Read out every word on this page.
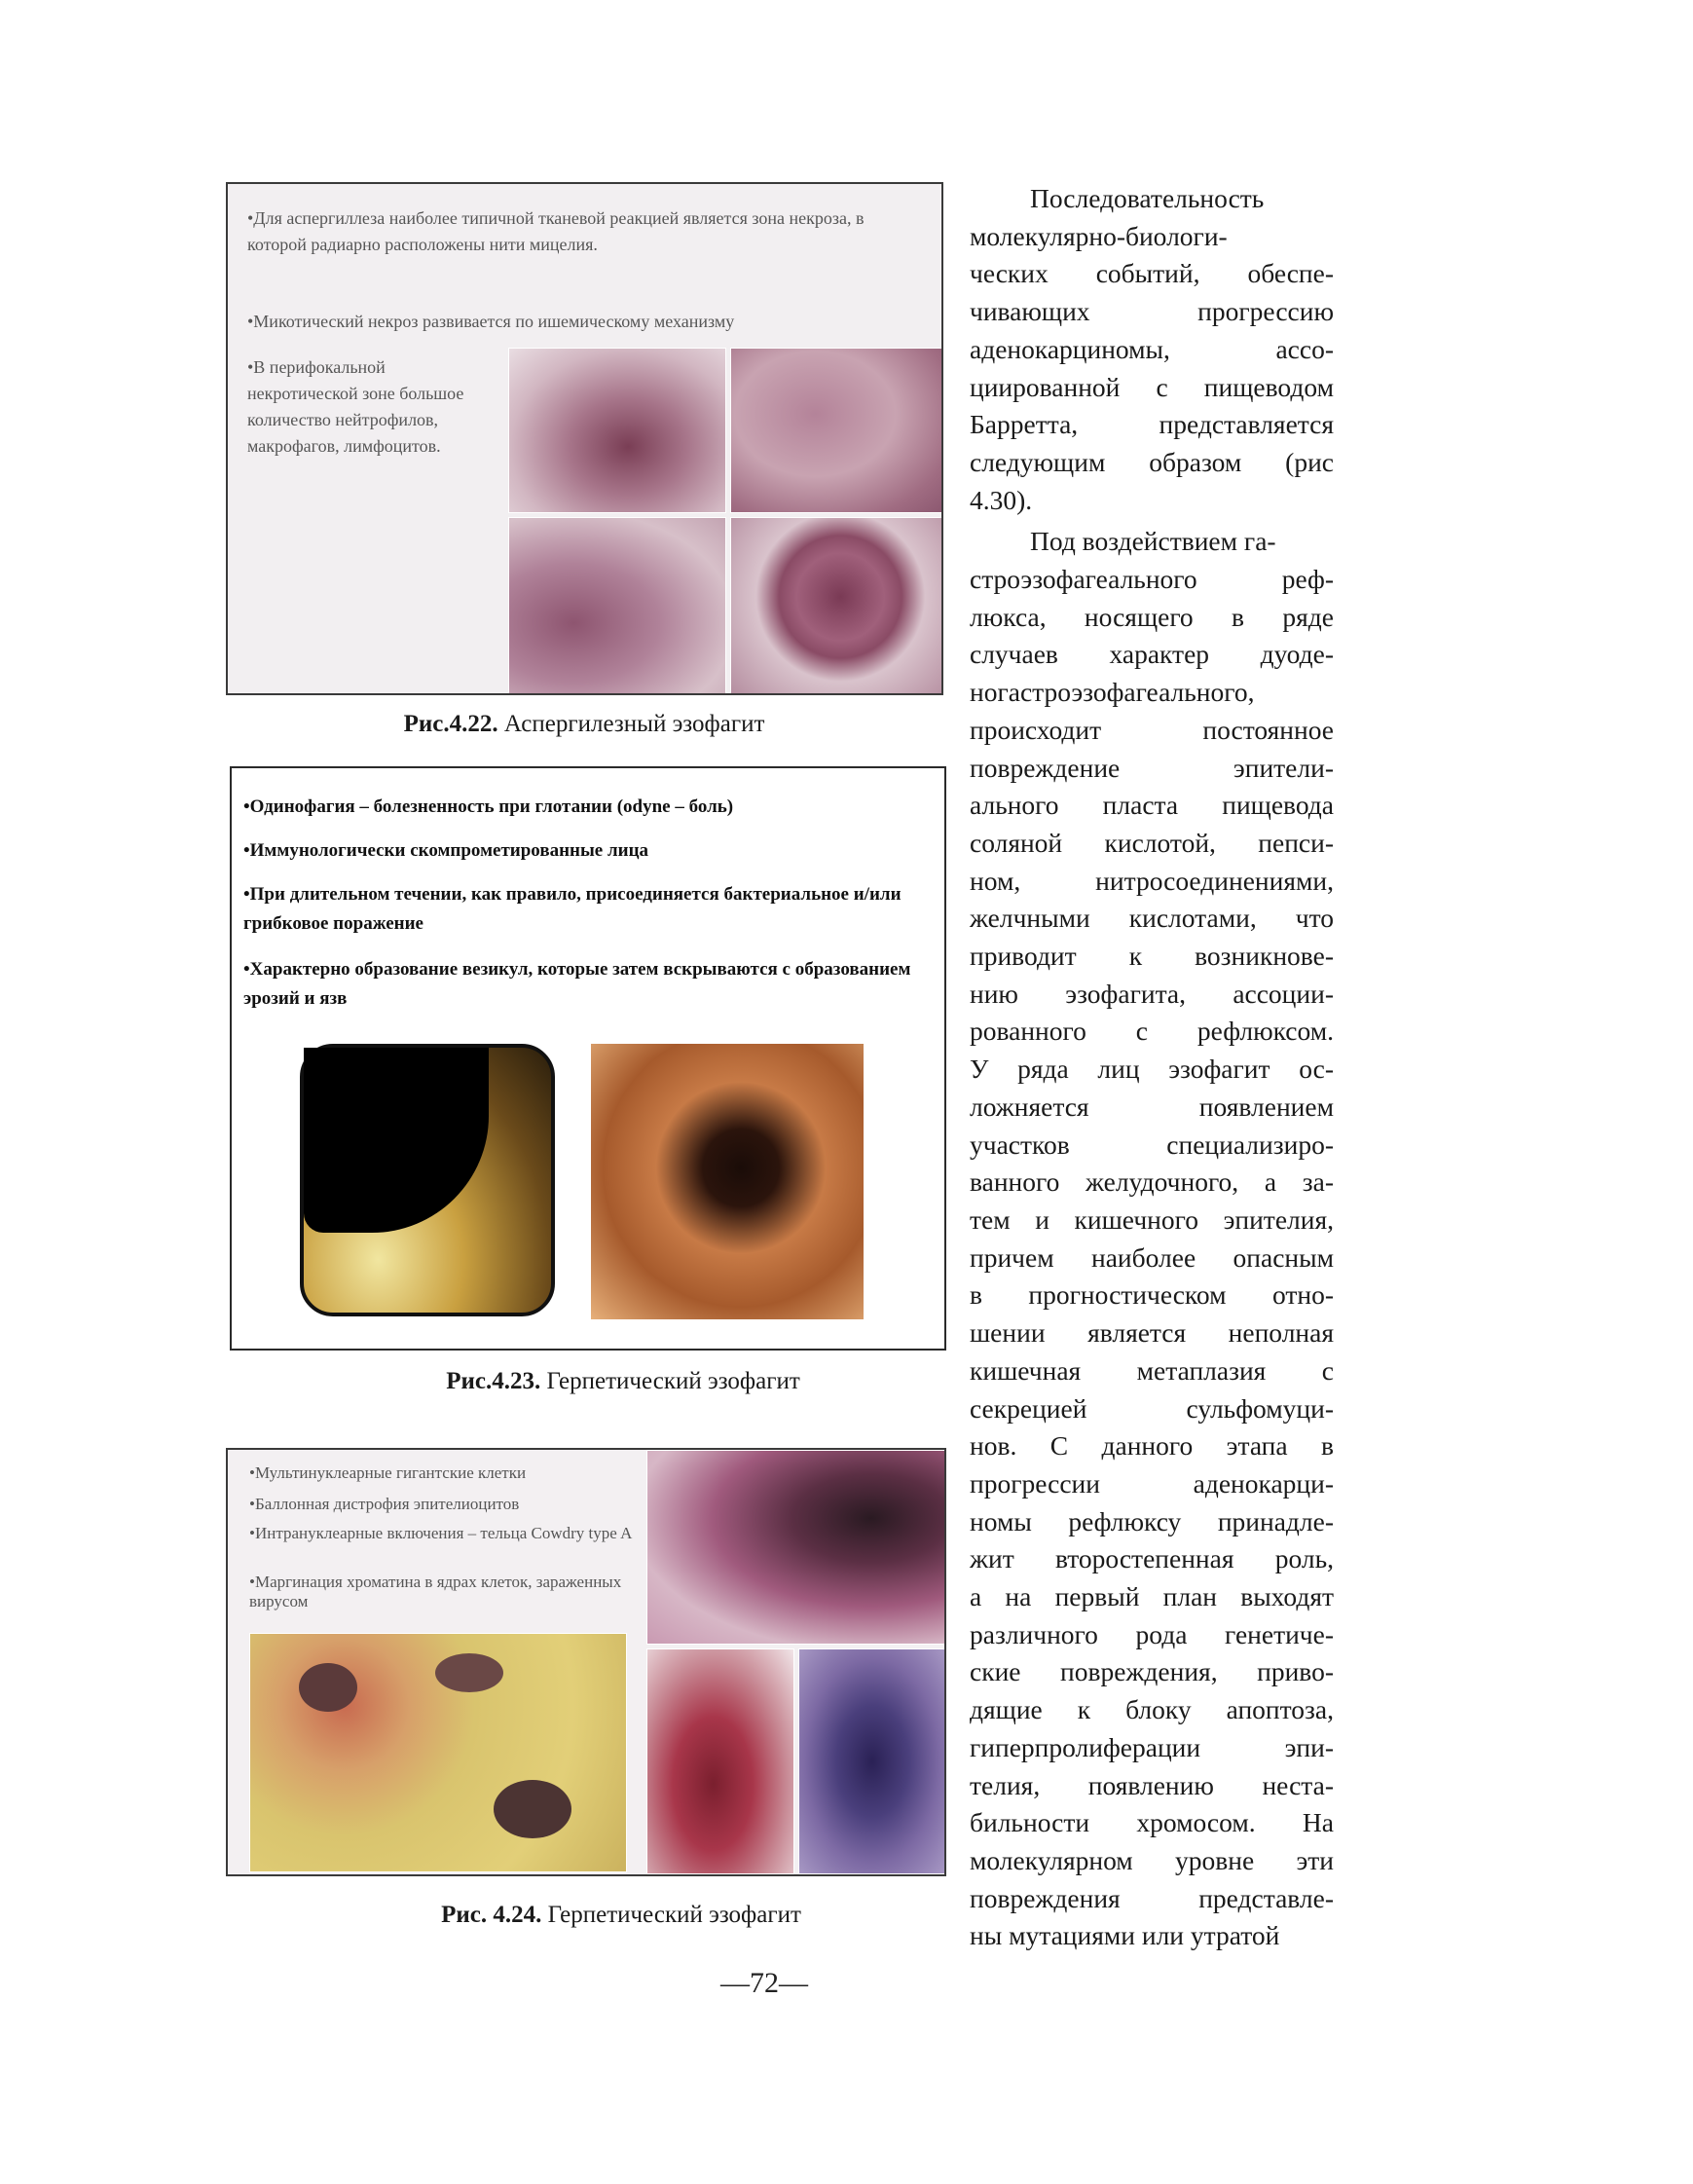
•Для аспергиллеза наиболее типичной тканевой реакцией является зона некроза, в которой радиарно расположены нити мицелия.
•Микотический некроз развивается по ишемическому механизму
•В перифокальной некротической зоне большое количество нейтрофилов, макрофагов, лимфоцитов.
Рис.4.22. Аспергилезный эзофагит
•Одинофагия – болезненность при глотании (odyne – боль)
•Иммунологически скомпрометированные лица
•При длительном течении, как правило, присоединяется бактериальное и/или грибковое поражение
•Характерно образование везикул, которые затем вскрываются с образованием эрозий и язв
Рис.4.23. Герпетический эзофагит
•Мультинуклеарные гигантские клетки
•Баллонная дистрофия эпителиоцитов
•Интрануклеарные включения – тельца Cowdry type A
•Маргинация хроматина в ядрах клеток, зараженных вирусом
Рис. 4.24. Герпетический эзофагит

Последовательность
молекулярно-биологи-
ческих событий, обеспе-
чивающих прогрессию
аденокарциномы, ассо-
циированной с пищеводом
Барретта, представляется
следующим образом (рис
4.30).

Под воздействием га-
строэзофагеального реф-
люкса, носящего в ряде
случаев характер дуоде-
ногастроэзофагеального,
происходит постоянное
повреждение эпители-
ального пласта пищевода
соляной кислотой, пепси-
ном, нитросоединениями,
желчными кислотами, что
приводит к возникнове-
нию эзофагита, ассоции-
рованного с рефлюксом.
У ряда лиц эзофагит ос-
ложняется появлением
участков специализиро-
ванного желудочного, а за-
тем и кишечного эпителия,
причем наиболее опасным
в прогностическом отно-
шении является неполная
кишечная метаплазия с
секрецией сульфомуци-
нов. С данного этапа в
прогрессии аденокарци-
номы рефлюксу принадле-
жит второстепенная роль,
а на первый план выходят
различного рода генетиче-
ские повреждения, приво-
дящие к блоку апоптоза,
гиперпролиферации эпи-
телия, появлению неста-
бильности хромосом. На
молекулярном уровне эти
повреждения представле-
ны мутациями или утратой

—72—
